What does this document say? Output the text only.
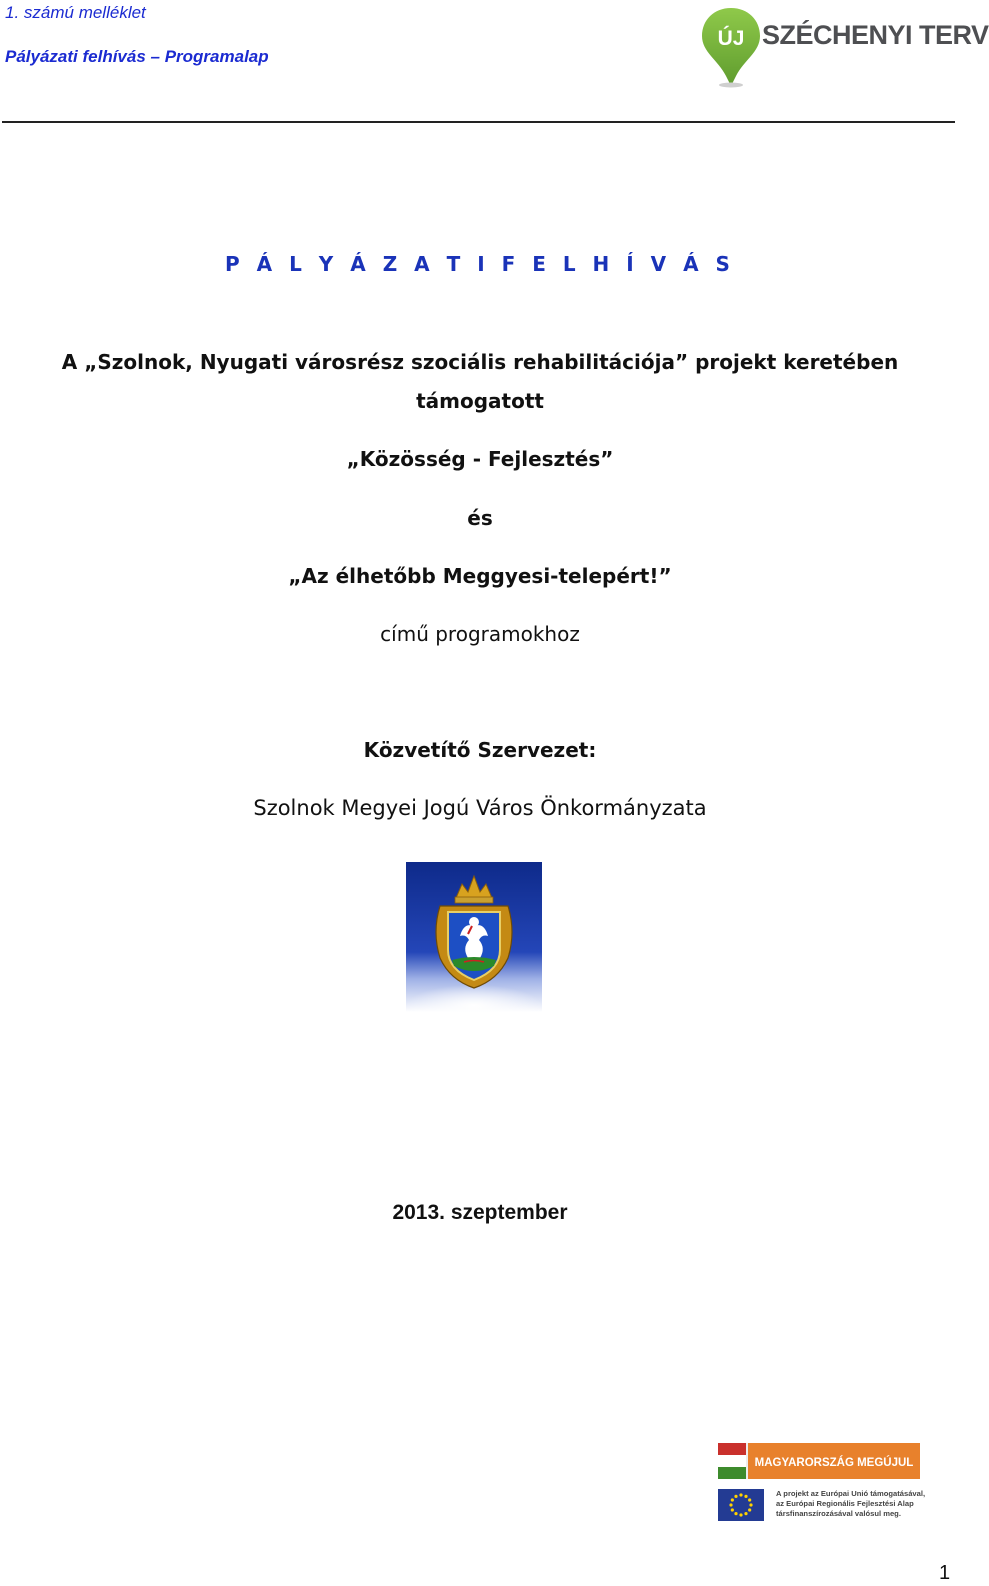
1. számú melléklet
Pályázati felhívás – Programalap
ÚJ SZÉCHENYI TERV
P Á L Y Á Z A T I F E L H Í V Á S
A „Szolnok, Nyugati városrész szociális rehabilitációja” projekt keretében
támogatott
„Közösség - Fejlesztés”
és
„Az élhetőbb Meggyesi-telepért!”
című programokhoz
Közvetítő Szervezet:
Szolnok Megyei Jogú Város Önkormányzata
2013. szeptember
MAGYARORSZÁG MEGÚJUL
A projekt az Európai Unió támogatásával,
az Európai Regionális Fejlesztési Alap
társfinanszírozásával valósul meg.
1
